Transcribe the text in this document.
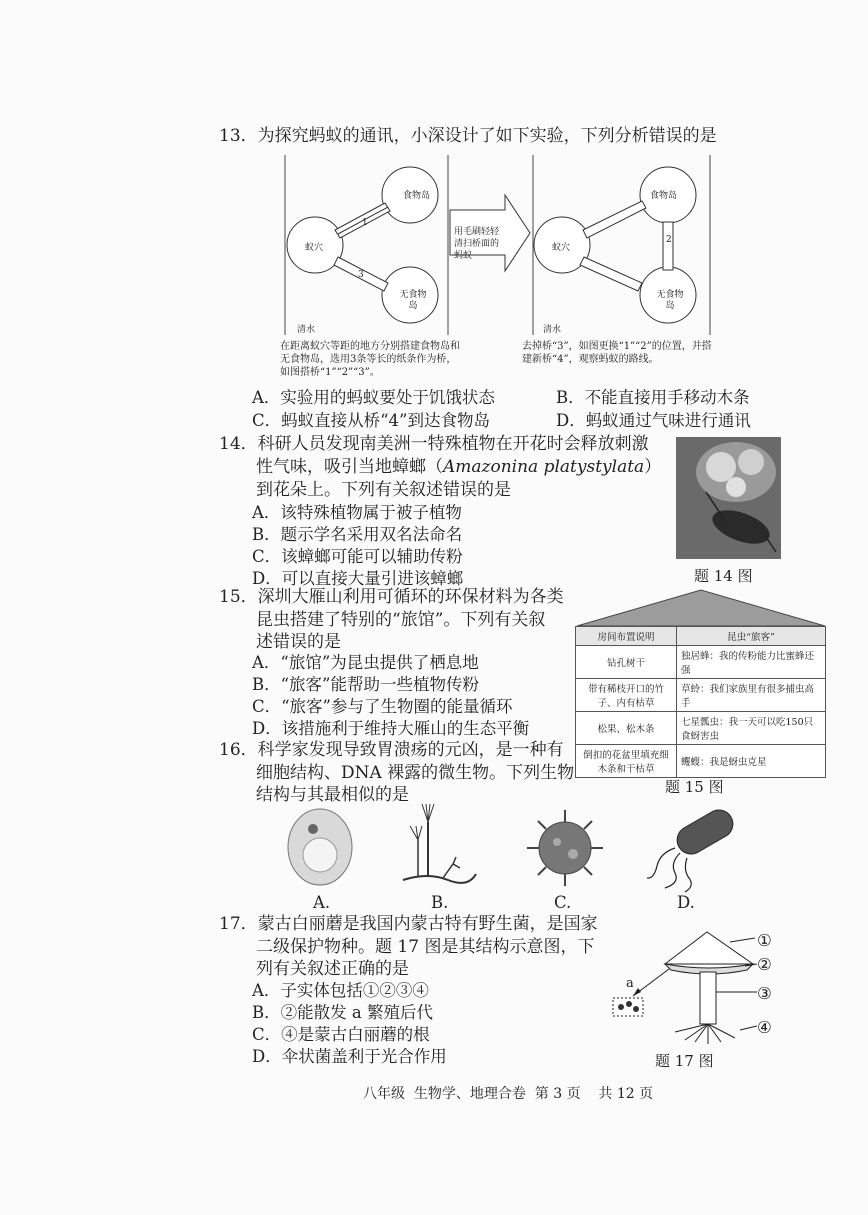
13．为探究蚂蚁的通讯，小深设计了如下实验，下列分析错误的是
食物岛
蚁穴
无食物岛
1
3
清水
用毛刷轻轻清扫桥面的蚂蚁
食物岛
蚁穴
无食物岛
2
清水
在距离蚁穴等距的地方分别搭建食物岛和无食物岛，选用3条等长的纸条作为桥，如图搭桥“1”“2”“3”。
去掉桥“3”，如图更换“1”“2”的位置，并搭建新桥“4”，观察蚂蚁的路线。
A．实验用的蚂蚁要处于饥饿状态	B．不能直接用手移动木条
C．蚂蚁直接从桥“4”到达食物岛	D．蚂蚁通过气味进行通讯
14．科研人员发现南美洲一特殊植物在开花时会释放刺激
性气味，吸引当地蟑螂（Amazonina platystylata）
到花朵上。下列有关叙述错误的是
A．该特殊植物属于被子植物
B．题示学名采用双名法命名
C．该蟑螂可能可以辅助传粉
D．可以直接大量引进该蟑螂	题 14 图
15．深圳大雁山利用可循环的环保材料为各类
昆虫搭建了特别的“旅馆”。下列有关叙
述错误的是
A．“旅馆”为昆虫提供了栖息地
B．“旅客”能帮助一些植物传粉
C．“旅客”参与了生物圈的能量循环
D．该措施利于维持大雁山的生态平衡
房间布置说明	昆虫“旅客”
钻孔树干	独居蜂：我的传粉能力比蜜蜂还强
带有稀枝开口的竹子、内有枯草	草蛉：我们家族里有很多捕虫高手
松果、松木条	七星瓢虫：我一天可以吃150只食蚜害虫
倒扣的花盆里填充细木条和干枯草	蠼螋：我是蚜虫克星
题 15 图
16．科学家发现导致胃溃疡的元凶，是一种有
细胞结构、DNA 裸露的微生物。下列生物
结构与其最相似的是
A.	B.	C.	D.
17．蒙古白丽蘑是我国内蒙古特有野生菌，是国家
二级保护物种。题 17 图是其结构示意图，下
列有关叙述正确的是
A．子实体包括①②③④
B．②能散发 a 繁殖后代
C．④是蒙古白丽蘑的根
D．伞状菌盖利于光合作用
①
②
③
④
a
题 17 图
八年级  生物学、地理合卷  第 3 页    共 12 页
